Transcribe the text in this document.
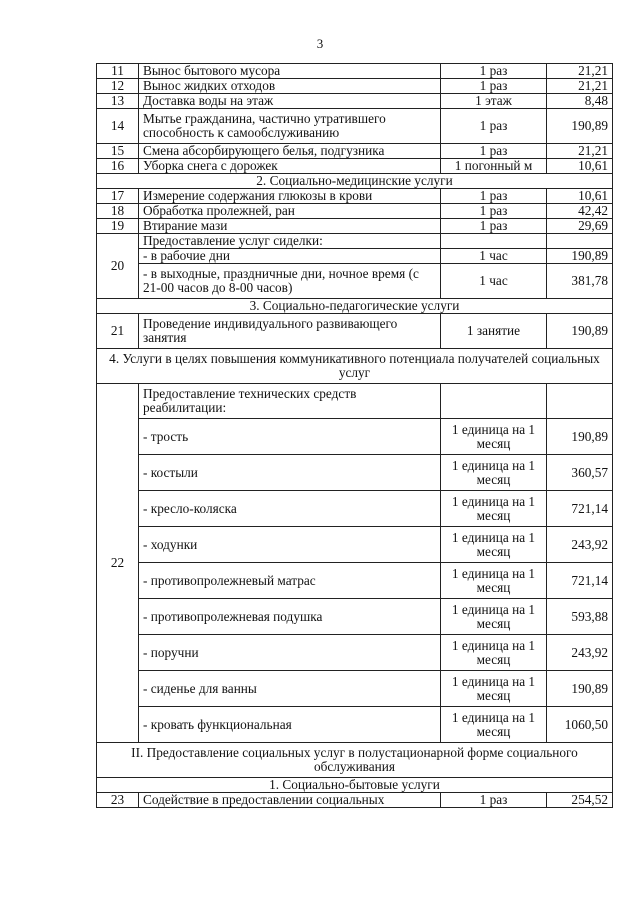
3
11	Вынос бытового мусора	1 раз	21,21
12	Вынос жидких отходов	1 раз	21,21
13	Доставка воды на этаж	1 этаж	8,48
14	Мытье гражданина, частично утратившего способность к самообслуживанию	1 раз	190,89
15	Смена абсорбирующего белья, подгузника	1 раз	21,21
16	Уборка снега с дорожек	1 погонный м	10,61
2. Социально-медицинские услуги			
17	Измерение содержания глюкозы в крови	1 раз	10,61
18	Обработка пролежней, ран	1 раз	42,42
19	Втирание мази	1 раз	29,69
20	Предоставление услуг сиделки:		
	- в рабочие дни	1 час	190,89
	- в выходные, праздничные дни, ночное время (с 21-00 часов до 8-00 часов)	1 час	381,78
3. Социально-педагогические услуги			
21	Проведение индивидуального развивающего занятия	1 занятие	190,89
4. Услуги в целях повышения коммуникативного потенциала получателей социальных услуг			
22	Предоставление технических средств реабилитации:		
	- трость	1 единица на 1 месяц	190,89
	- костыли	1 единица на 1 месяц	360,57
	- кресло-коляска	1 единица на 1 месяц	721,14
	- ходунки	1 единица на 1 месяц	243,92
	- противопролежневый матрас	1 единица на 1 месяц	721,14
	- противопролежневая подушка	1 единица на 1 месяц	593,88
	- поручни	1 единица на 1 месяц	243,92
	- сиденье для ванны	1 единица на 1 месяц	190,89
	- кровать функциональная	1 единица на 1 месяц	1060,50
II. Предоставление социальных услуг в полустационарной форме социального обслуживания			
1. Социально-бытовые услуги			
23	Содействие в предоставлении социальных	1 раз	254,52
